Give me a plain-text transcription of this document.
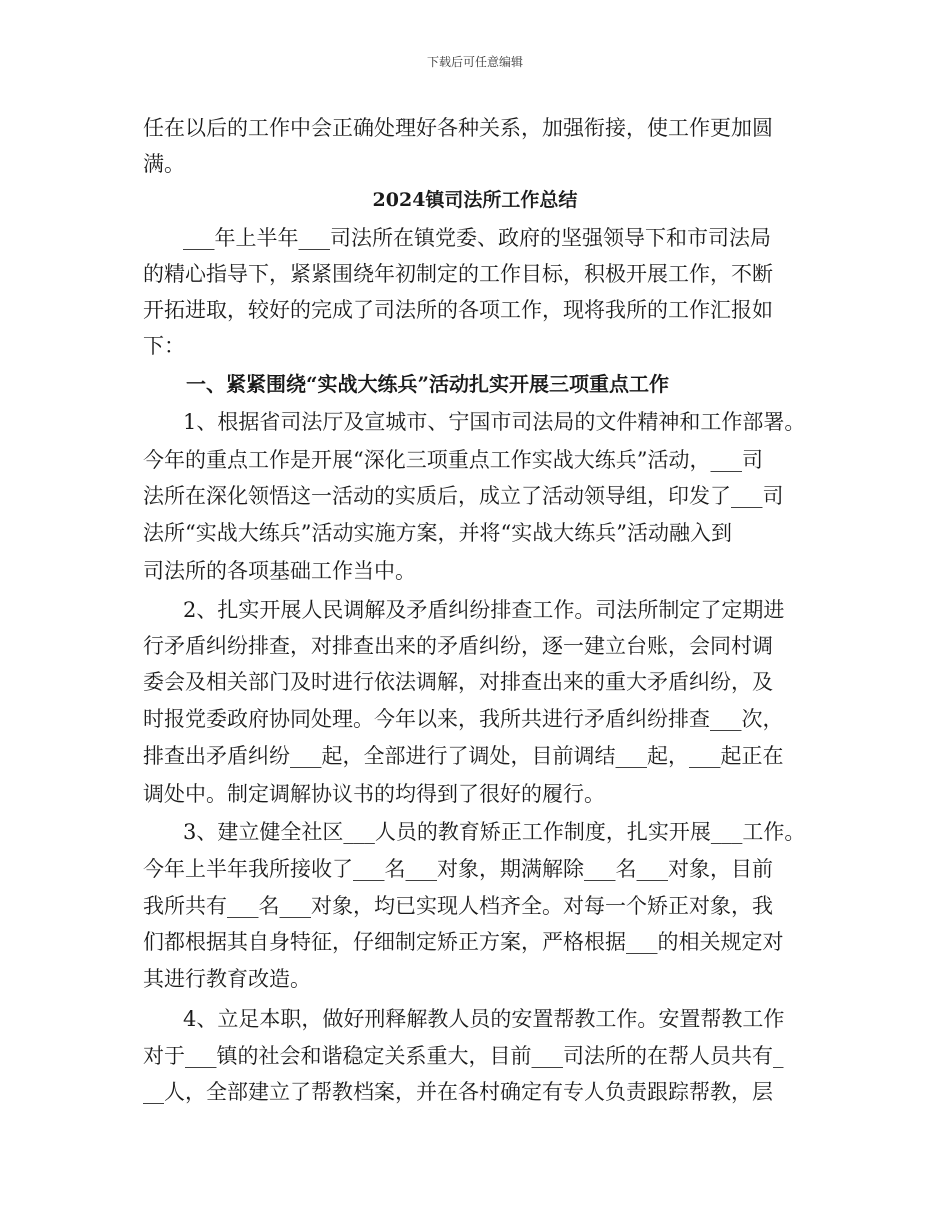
下载后可任意编辑
任在以后的工作中会正确处理好各种关系，加强衔接，使工作更加圆
满。
2024镇司法所工作总结
___年上半年___司法所在镇党委、政府的坚强领导下和市司法局
的精心指导下，紧紧围绕年初制定的工作目标，积极开展工作，不断
开拓进取，较好的完成了司法所的各项工作，现将我所的工作汇报如
下：
一、紧紧围绕“实战大练兵”活动扎实开展三项重点工作
1、根据省司法厅及宣城市、宁国市司法局的文件精神和工作部署。
今年的重点工作是开展“深化三项重点工作实战大练兵”活动，___司
法所在深化领悟这一活动的实质后，成立了活动领导组，印发了___司
法所“实战大练兵”活动实施方案，并将“实战大练兵”活动融入到
司法所的各项基础工作当中。
2、扎实开展人民调解及矛盾纠纷排查工作。司法所制定了定期进
行矛盾纠纷排查，对排查出来的矛盾纠纷，逐一建立台账，会同村调
委会及相关部门及时进行依法调解，对排查出来的重大矛盾纠纷，及
时报党委政府协同处理。今年以来，我所共进行矛盾纠纷排查___次，
排查出矛盾纠纷___起，全部进行了调处，目前调结___起，___起正在
调处中。制定调解协议书的均得到了很好的履行。
3、建立健全社区___人员的教育矫正工作制度，扎实开展___工作。
今年上半年我所接收了___名___对象，期满解除___名___对象，目前
我所共有___名___对象，均已实现人档齐全。对每一个矫正对象，我
们都根据其自身特征，仔细制定矫正方案，严格根据___的相关规定对
其进行教育改造。
4、立足本职，做好刑释解教人员的安置帮教工作。安置帮教工作
对于___镇的社会和谐稳定关系重大，目前___司法所的在帮人员共有_
__人，全部建立了帮教档案，并在各村确定有专人负责跟踪帮教，层
